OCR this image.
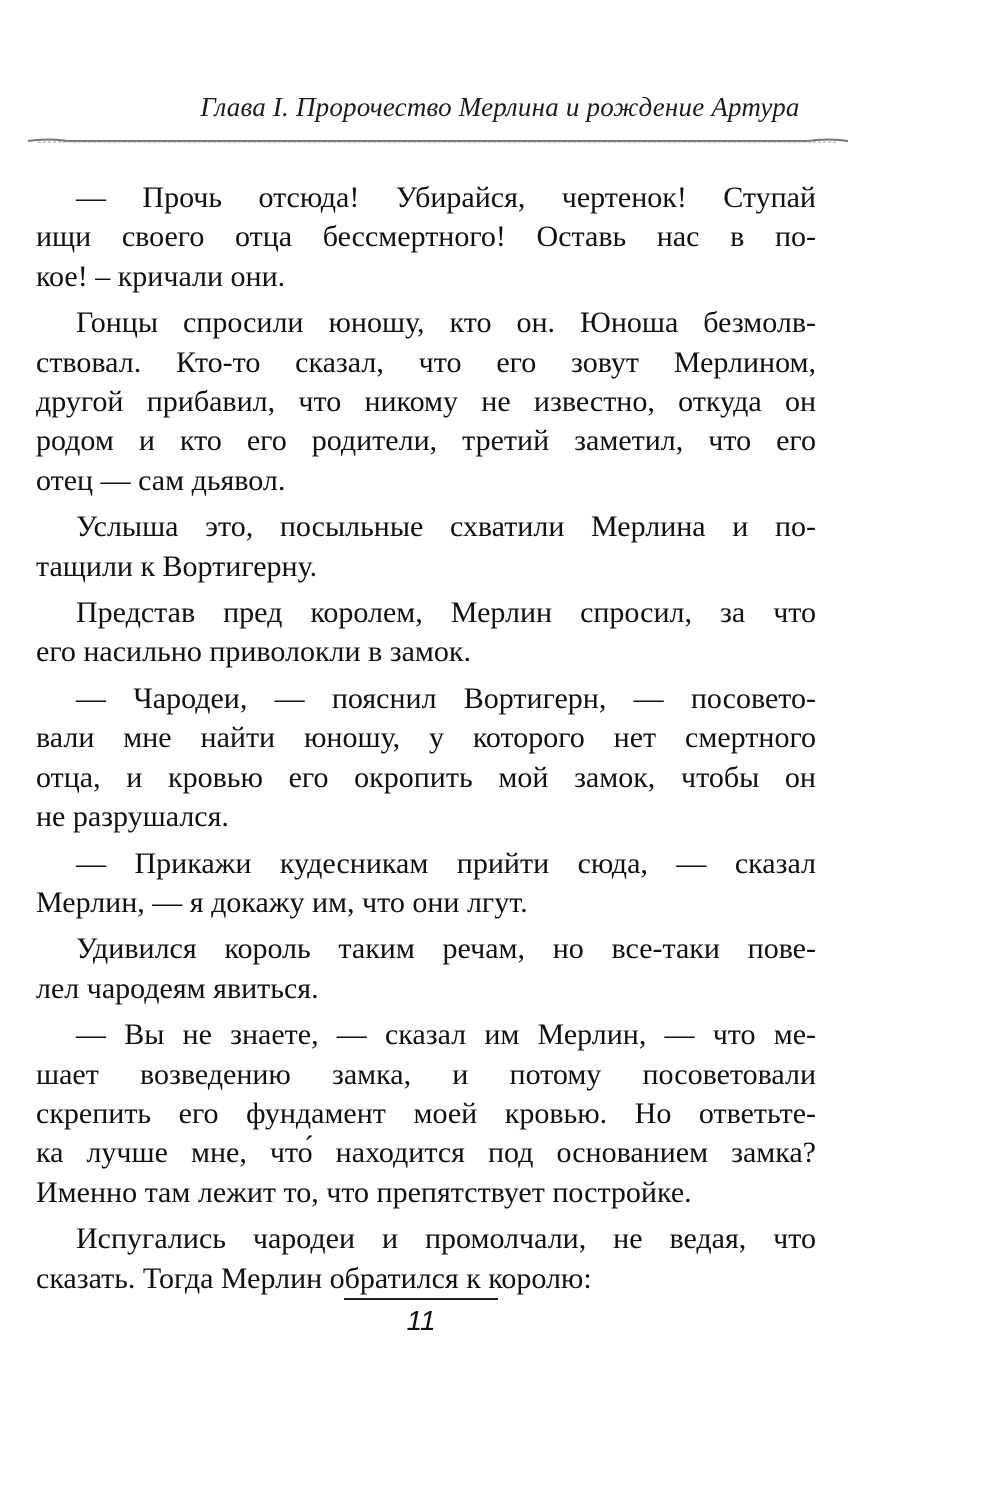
Глава I. Пророчество Мерлина и рождение Артура
— Прочь отсюда! Убирайся, чертенок! Ступай
ищи своего отца бессмертного! Оставь нас в по-
кое! – кричали они.
Гонцы спросили юношу, кто он. Юноша безмолв-
ствовал. Кто-то сказал, что его зовут Мерлином,
другой прибавил, что никому не известно, откуда он
родом и кто его родители, третий заметил, что его
отец — сам дьявол.
Услыша это, посыльные схватили Мерлина и по-
тащили к Вортигерну.
Представ пред королем, Мерлин спросил, за что
его насильно приволокли в замок.
— Чародеи, — пояснил Вортигерн, — посовето-
вали мне найти юношу, у которого нет смертного
отца, и кровью его окропить мой замок, чтобы он
не разрушался.
— Прикажи кудесникам прийти сюда, — сказал
Мерлин, — я докажу им, что они лгут.
Удивился король таким речам, но все-таки пове-
лел чародеям явиться.
— Вы не знаете, — сказал им Мерлин, — что ме-
шает возведению замка, и потому посоветовали
скрепить его фундамент моей кровью. Но ответьте-
ка лучше мне, что́ находится под основанием замка?
Именно там лежит то, что препятствует постройке.
Испугались чародеи и промолчали, не ведая, что
сказать. Тогда Мерлин обратился к королю:
11
